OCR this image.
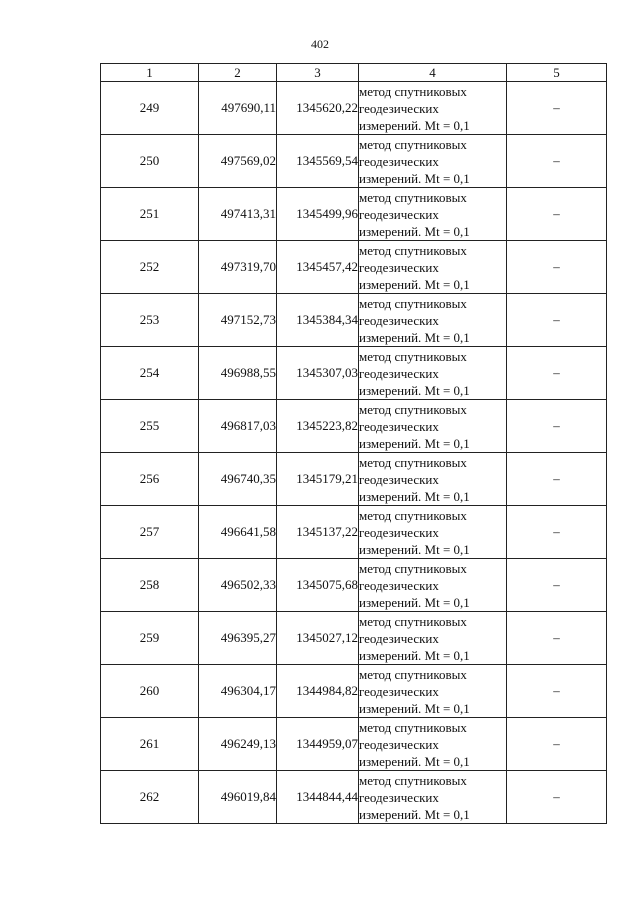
402
1	2	3	4	5
249	497690,11	1345620,22	метод спутниковых
геодезических
измерений. Mt = 0,1	–
250	497569,02	1345569,54	метод спутниковых
геодезических
измерений. Mt = 0,1	–
251	497413,31	1345499,96	метод спутниковых
геодезических
измерений. Mt = 0,1	–
252	497319,70	1345457,42	метод спутниковых
геодезических
измерений. Mt = 0,1	–
253	497152,73	1345384,34	метод спутниковых
геодезических
измерений. Mt = 0,1	–
254	496988,55	1345307,03	метод спутниковых
геодезических
измерений. Mt = 0,1	–
255	496817,03	1345223,82	метод спутниковых
геодезических
измерений. Mt = 0,1	–
256	496740,35	1345179,21	метод спутниковых
геодезических
измерений. Mt = 0,1	–
257	496641,58	1345137,22	метод спутниковых
геодезических
измерений. Mt = 0,1	–
258	496502,33	1345075,68	метод спутниковых
геодезических
измерений. Mt = 0,1	–
259	496395,27	1345027,12	метод спутниковых
геодезических
измерений. Mt = 0,1	–
260	496304,17	1344984,82	метод спутниковых
геодезических
измерений. Mt = 0,1	–
261	496249,13	1344959,07	метод спутниковых
геодезических
измерений. Mt = 0,1	–
262	496019,84	1344844,44	метод спутниковых
геодезических
измерений. Mt = 0,1	–
